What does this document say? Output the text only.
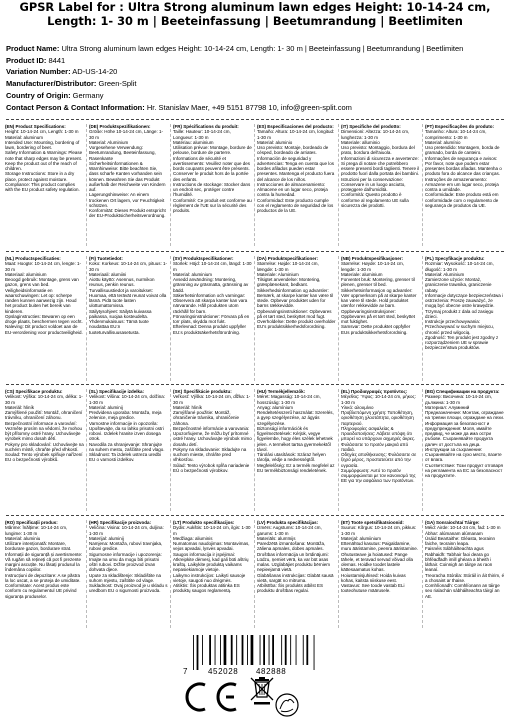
GPSR Label for : Ultra Strong aluminum lawn edges Height: 10-14-24 cm, Length: 1- 30 m | Beeteinfassung | Beetumrandung | Beetlimiten
Product Name: Ultra Strong aluminum lawn edges Height: 10-14-24 cm, Length: 1- 30 m | Beeteinfassung | Beetumrandung | Beetlimiten
Product ID: 8441
Variation Number: AD-US-14-20
Manufacturer/Distributor: Green-Split
Country of Origin: Germany
Contact Person & Contact Information: Hr. Stanislav Maer, +49 5151 87798 10, info@green-split.com
(EN) Product Specifications:
Height: 10-14-24 cm, Length: 1-30 m
Material: aluminum
Intended Use: Mounting, bordering of lawn, bordering of beet.
Safety Information & Warnings: Please note that sharp edges may be present. Keep the product out of the reach of children.
Storage Instructions: Store in a dry place, protect against moisture.
Compliance: This product complies with the EU product safety regulation.
(DE) Produktspezifikationen:
Größe: Höhe 10-14-24 cm, Länge: 1-30 m
Material: Aluminium
Vorgesehene Verwendung: Beetumrandung, Beeteinfassung, Rasenkante
Sicherheitsinformationen & Warnhinweise: Bitte beachten Sie, dass scharfe Kanten vorhanden sein können. Bewahren Sie das Produkt außerhalb der Reichweite von Kindern auf.
Lagerungshinweise: An einem trockenen Ort lagern, vor Feuchtigkeit schützen.
Konformität: Dieses Produkt entspricht der EU-Produktsicherheitsverordnung.
(FR) Spécifications du produit:
Taille: Hauteur: 10-14-24 cm, Longueur: 1-30 m
Matériau: aluminium
Utilisation prévue: Montage, bordure de pelouse, bordure de parterre.
Informations de sécurité et avertissements: Veuillez noter que des bords coupants peuvent être présents. Conserver le produit hors de la portée des enfants.
Instructions de stockage: Stocker dans un endroit sec, protéger contre l'humidité.
Conformité: Ce produit est conforme au règlement de l'UE sur la sécurité des produits.
(ES) Especificaciones del producto:
Tamaño: Altura: 10-14-24 cm, longitud: 1-30 m
Material: aluminio
Uso previsto: Montaje, bordeado de césped, bordeado de arriates.
Información de seguridad y advertencias: Tenga en cuenta que los bordes afilados pueden estar presentes. Mantenga el producto fuera del alcance de los niños.
Instrucciones de almacenamiento: Almacene en un lugar seco, proteja contra la humedad.
Conformidad: Este producto cumple con el reglamento de seguridad de los productos de la UE.
(IT) Specifiche del prodotto:
Dimensioni: Altezza: 10-14-24 cm, lunghezza: 1-30 m
Materiale: alluminio
Uso previsto: Montaggio, bordura del prato, bordura dell'aiuola.
Informazioni di sicurezza e avvertenze: Si prega di notare che potrebbero essere presenti bordi taglienti. Tenere il prodotto fuori dalla portata dei bambini.
Istruzioni per la conservazione: Conservare in un luogo asciutto, proteggere dall'umidità.
Conformità: Questo prodotto è conforme al regolamento UE sulla sicurezza dei prodotti.
(PT) Especificações do produto:
Tamanho: Altura: 10-14-24 cm, comprimento: 1-30 m
Material: alumínio
Uso pretendido: Montagem, borda de gramado, borda de canteiro.
Informações de segurança e avisos: Por favor, note que podem estar presentes bordas afiadas. Mantenha o produto fora do alcance das crianças.
Instruções de armazenamento: Armazene em um lugar seco, proteja contra a umidade.
Conformidade: Este produto está em conformidade com o regulamento de segurança de produtos da UE.
(NL) Productspecificaties:
Maat: Hoogte: 10-14-24 cm, lengte: 1-30 m
Materiaal: aluminium
Beoogd gebruik: Montage, grens van gazon, grens van bed.
Veiligheidsinformatie en waarschuwingen: Let op: scherpe randen kunnen aanwezig zijn. Houd het product buiten het bereik van kinderen.
Opslaginstructies: Bewaren op een droge plaats, beschermen tegen vocht.
Naleving: Dit product voldoet aan de EU-verordening voor productveiligheid.
(FI) Tuotetiedot:
Koko: Korkeus: 10-14-24 cm, pituus: 1-30 m
Materiaali: alumiini
Aiottu käyttö: Asennus, nurmikon reunus, penkin reunus.
Turvallisuustiedot ja varoitukset: Huomaa, että terävät reunat voivat olla läsnä. Pidä tuote lasten ulottumattomissa.
Säilytysohjeet: Säilytä kuivassa paikassa, suojaa kosteudelta.
Yhdenmukaisuus: Tämä tuote noudattaa EU:n tuoteturvallisuusasetusta.
(SV) Produktspecifikationer:
Storlek: Höjd: 10-14-24 cm, längd: 1-30 m
Material: aluminium
Avsedd användning: Montering, gränsning av gräsmatta, gränsning av bädd.
Säkerhetsinformation och varningar: Observera att skarpa kanter kan vara närvarande. Håll produkten utom räckhåll för barn.
Förvaringsinstruktioner: Förvara på en torr plats, skydda mot fukt.
Efterlevnad: Denna produkt uppfyller EU:s produktsäkerhetsförordning.
(DA) Produktspecifikationer:
Størrelse: Højde: 10-14-24 cm, længde: 1-30 m
Materiale: Aluminium
Tilsigtet anvendelse: Montering, græsplænekant, bedkant.
Sikkerhedsinformation og advarsler: Bemærk, at skarpe kanter kan være til stede. Opbevar produktet uden for børns rækkevidde.
Opbevaringsinstruktioner: Opbevares på et tørt sted, beskyttet mod fugt.
Overholdelse: Dette produkt overholder EU's produktsikkerhedsforordning.
(NB) Produktspesifikasjoner:
Størrelse: Høyde: 10-14-24 cm, lengde: 1-30 m
Materiale: aluminium
Forventet bruk: Montering, grenser til plenen, grenser til bed.
Sikkerhetsinformasjon og advarsler: Vær oppmerksom på at skarpe kanter kan være til stede. Hold produktet utenfor rekkevidde av barn.
Oppbevaringsinstruksjoner: Oppbevares på et tørt sted, beskyttet mot fuktighet.
Samsvar: Dette produktet oppfyller EUs produktsikkerhetsforordning.
(PL) Specyfikacje produktu:
Rozmiar: Wysokość: 10-14-24 cm, długość: 1-30 m
Materiał: Aluminium
Zamierzone użycie: Montaż, graniczenie trawnika, graniczenie rabaty.
Informacje dotyczące bezpieczeństwa i ostrzeżenia: Proszę zauważyć, że mogą być obecne ostre krawędzie. Trzymaj produkt z dala od zasięgu dzieci.
Instrukcje przechowywania: Przechowywać w suchym miejscu, chronić przed wilgocią.
Zgodność: Ten produkt jest zgodny z rozporządzeniem UE w sprawie bezpieczeństwa produktów.
(CS) Specifikace produktu:
Velikost: Výška: 10-14-24 cm, délka: 1-30 m
Materiál: hliník
Zamýšlené použití: Montáž, ohraničení trávníku, ohraničení záhonu.
Bezpečnostní informace a varování: Vezměte prosím na vědomí, že mohou být přítomny ostré hrany. Uchovávejte výrobek mimo dosah dětí.
Pokyny pro skladování: Uchovávejte na suchém místě, chraňte před vlhkostí.
Soulad: Tento výrobek splňuje nařízení EU o bezpečnosti výrobků.
(SL) Specifikacije izdelka:
Velikost: Višina: 10-14-24 cm, dolžina: 1-30 m
Material: aluminij
Predvidena uporaba: Montaža, meja zelenice, meja gredice.
Varnostne informacije in opozorila: Upoštevajte, da so lahko prisotni ostri robovi. Izdelek hranite izven dosega otrok.
Navodila za shranjevanje: Shranjujte na suhem mestu, zaščitite pred vlago.
Skladnost: Ta izdelek ustreza uredbi EU o varnosti izdelkov.
(SK) Špecifikácie produktu:
Veľkosť: Výška: 10-14-24 cm, dĺžka: 1-30 m
Materiál: hliník
Zamýšľané použitie: Montáž, ohraničenie trávnika, ohraničenie záhona.
Bezpečnostné informácie a varovania: Upozorňujeme, že môžu byť prítomné ostré hrany. Uchovávajte výrobok mimo dosahu detí.
Pokyny na skladovanie: Skladujte na suchom mieste, chráňte pred vlhkosťou.
Súlad: Tento výrobok spĺňa nariadenie EÚ o bezpečnosti výrobkov.
(HU) Termékjellemzők:
Méret: Magasság: 10-14-24 cm, hosszúság: 1-30 m
Anyag: alumínium
Rendeltetésszerű használat: Szerelés, a gyep szegélyezése, az ágyás szegélyezése.
Biztonsági információk és figyelmeztetések: Kérjük, vegye figyelembe, hogy éles szélek lehetnek jelen. A terméket tartsa gyermekektől távol.
Tárolási utasítások: Száraz helyen tárolja, védje a nedvességtől.
Megfelelőség: Ez a termék megfelel az EU termékbiztonsági rendeletének.
(EL) Προδιαγραφές προϊόντος:
Μέγεθος: Ύψος: 10-14-24 cm, μήκος: 1-30 m
Υλικό: αλουμίνιο
Προβλεπόμενη χρήση: Τοποθέτηση, οριοθέτηση χλοοτάπητα, οριοθέτηση παρτεριού.
Πληροφορίες ασφαλείας & προειδοποιήσεις: Λάβετε υπόψη ότι μπορεί να υπάρχουν αιχμηρές άκρες. Φυλάσσετε το προϊόν μακριά από παιδιά.
Οδηγίες αποθήκευσης: Φυλάσσετε σε ξηρό μέρος, προστατεύετε από την υγρασία.
Συμμόρφωση: Αυτό το προϊόν συμμορφώνεται με τον κανονισμό της ΕΕ για την ασφάλεια των προϊόντων.
(BG) Спецификации на продукта:
Размер: Височина: 10-14-24 cm, дължина: 1-30 m
Материал: Алуминий
Предназначение: Монтаж, ограждане на тревни площи, ограждане на лехи.
Информация за безопасност и предупреждения: Моля, имайте предвид, че може да има остри ръбове. Съхранявайте продукта далеч от достъпа на деца.
Инструкции за съхранение: Съхранявайте на сухо място, пазете от влага.
Съответствие: Този продукт отговаря на регламента на ЕС за безопасност на продуктите.
(RO) Specificații produs:
Mărime: Înălțime: 10-14-24 cm, lungime: 1-30 m
Material: aluminiu
Utilizare intenționată: Montare, bordurare gazon, bordurare strat.
Informații de siguranță și avertismente: Vă rugăm să rețineți că pot fi prezente margini ascuțite. Nu lăsați produsul la îndemâna copiilor.
Instrucțiuni de depozitare: A se păstra la loc uscat, a se proteja de umiditate.
Conformitate: Acest produs este conform cu regulamentul UE privind siguranța produselor.
(HR) Specifikacije proizvoda:
Veličina: Visina: 10-14-24 cm, duljina: 1-30 m
Materijal: aluminij
Namjena: Montaža, rubovi travnjaka, rubovi gredice.
Sigurnosne informacije i upozorenja: Imajte na umu da mogu biti prisutni oštri rubovi. Držite proizvod izvan dohvata djece.
Upute za skladištenje: Skladištite na suhom mjestu, zaštitite od vlage.
Sukladnost: Ovaj proizvod je u skladu s uredbom EU o sigurnosti proizvoda.
(LT) Produkto specifikacijos:
Dydis: Aukštis: 10-14-24 cm, ilgis: 1-30 m
Medžiaga: aliuminis
Numatomas naudojimas: Montavimas, vejos apvadai, lysvės apvadai.
Saugos informacija ir įspėjimai: Atkreipkite dėmesį, kad gali būti aštrių kraštų. Laikykite produktą vaikams nepasiekiamoje vietoje.
Laikymo instrukcijos: Laikyti sausoje vietoje, saugoti nuo drėgmės.
Atitiktis: Šis produktas atitinka ES produktų saugos reglamentą.
(LV) Produkta specifikācijas:
Izmērs: Augstums: 10-14-24 cm, garums: 1-30 m
Materiāls: alumīnijs
Paredzētā izmantošana: Montāža, zāliena apmales, dobes apmales.
Drošības informācija un brīdinājumi: Lūdzu, ņemiet vērā, ka var būt asas malas. Uzglabājiet produktu bērniem nepieejamā vietā.
Glabāšanas instrukcijas: Glabāt sausā vietā, sargāt no mitruma.
Atbilstība: Šis produkts atbilst ES produktu drošības regulai.
(ET) Toote spetsifikatsioonid:
Suurus: Kõrgus: 10-14-24 cm, pikkus: 1-30 m
Materjal: alumiinium
Ettenähtud kasutus: Paigaldamine, muru ääristamine, peenra ääristamine.
Ohutusteave ja hoiatused: Pange tähele, et teravad servad võivad olla olemas. Hoidke toodet lastele kättesaamatus kohas.
Hoiustamisjuhised: Hoida kuivas kohas, kaitsta niiskuse eest.
Vastavus: See toode vastab ELi tooteohutuse määrusele.
(GA) Sonraíochtaí Táirge:
Méid: Airde: 10-14-24 cm, fad: 1-30 m
Ábhar: alúmanam alúmanam
Úsáid Beartaithe: Gléasta, teorainn faiche, teorainn leapa.
Faisnéis Sábháilteachta agus Rabhaidh: Tabhair faoi deara go bhféadfadh imill ghéara a bheith i láthair. Coinnigh an táirge as raon leanaí.
Treoracha Stórála: Stóráil in áit thirim, é a chosaint ar thaise.
Comhlíonadh: Comhlíonann an táirge seo rialachán sábháilteachta táirgí an AE.
7	452028 482888
